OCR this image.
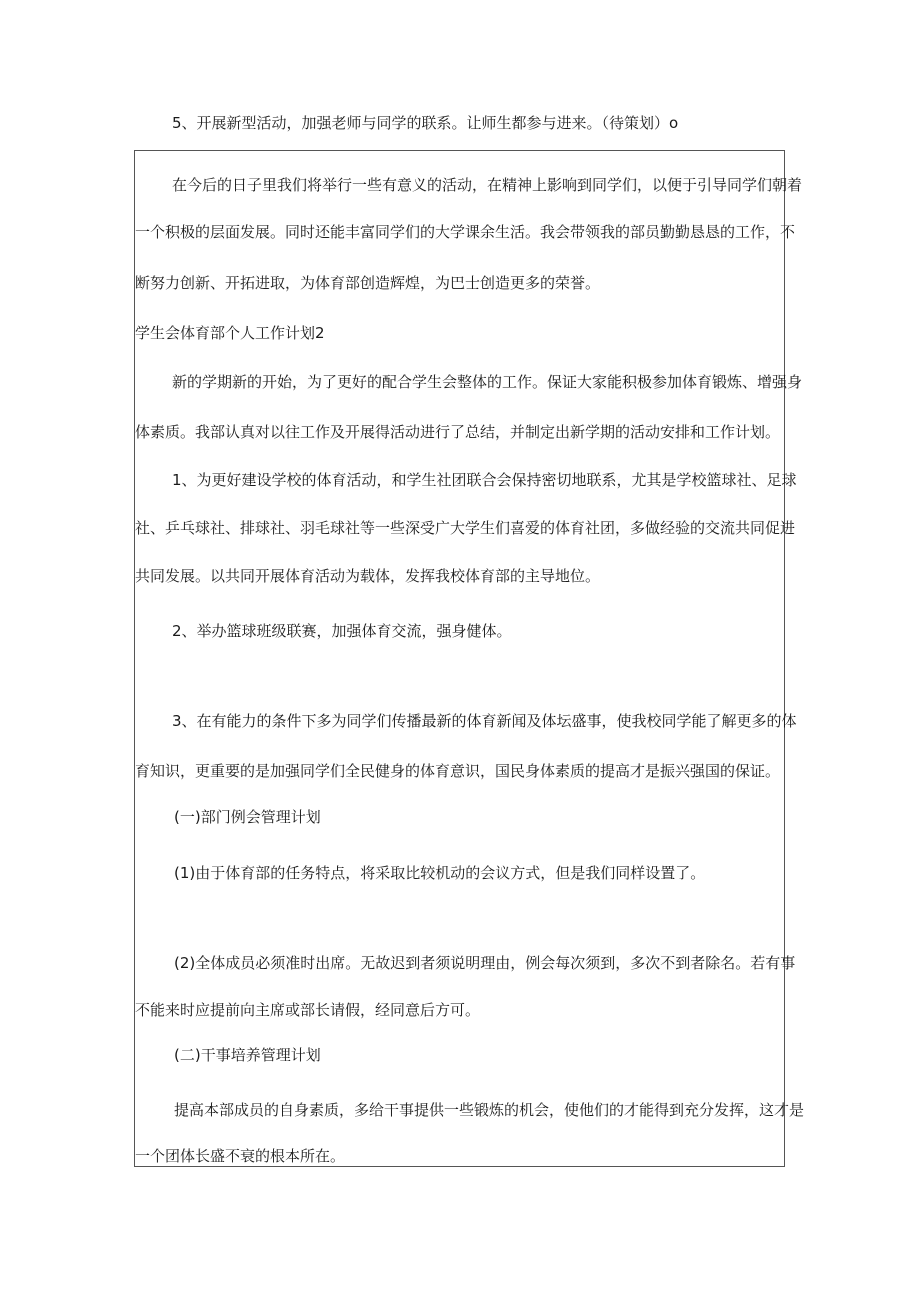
5、开展新型活动，加强老师与同学的联系。让师生都参与进来。（待策划）o
在今后的日子里我们将举行一些有意义的活动，在精神上影响到同学们，以便于引导同学们朝着
一个积极的层面发展。同时还能丰富同学们的大学课余生活。我会带领我的部员勤勤恳恳的工作，不
断努力创新、开拓进取，为体育部创造辉煌，为巴士创造更多的荣誉。
学生会体育部个人工作计划2
新的学期新的开始，为了更好的配合学生会整体的工作。保证大家能积极参加体育锻炼、增强身
体素质。我部认真对以往工作及开展得活动进行了总结，并制定出新学期的活动安排和工作计划。
1、为更好建设学校的体育活动，和学生社团联合会保持密切地联系，尤其是学校篮球社、足球
社、乒乓球社、排球社、羽毛球社等一些深受广大学生们喜爱的体育社团，多做经验的交流共同促进
共同发展。以共同开展体育活动为载体，发挥我校体育部的主导地位。
2、举办篮球班级联赛，加强体育交流，强身健体。
3、在有能力的条件下多为同学们传播最新的体育新闻及体坛盛事，使我校同学能了解更多的体
育知识，更重要的是加强同学们全民健身的体育意识，国民身体素质的提高才是振兴强国的保证。
(一)部门例会管理计划
(1)由于体育部的任务特点，将采取比较机动的会议方式，但是我们同样设置了。
(2)全体成员必须准时出席。无故迟到者须说明理由，例会每次须到，多次不到者除名。若有事
不能来时应提前向主席或部长请假，经同意后方可。
(二)干事培养管理计划
提高本部成员的自身素质，多给干事提供一些锻炼的机会，使他们的才能得到充分发挥，这才是
一个团体长盛不衰的根本所在。
